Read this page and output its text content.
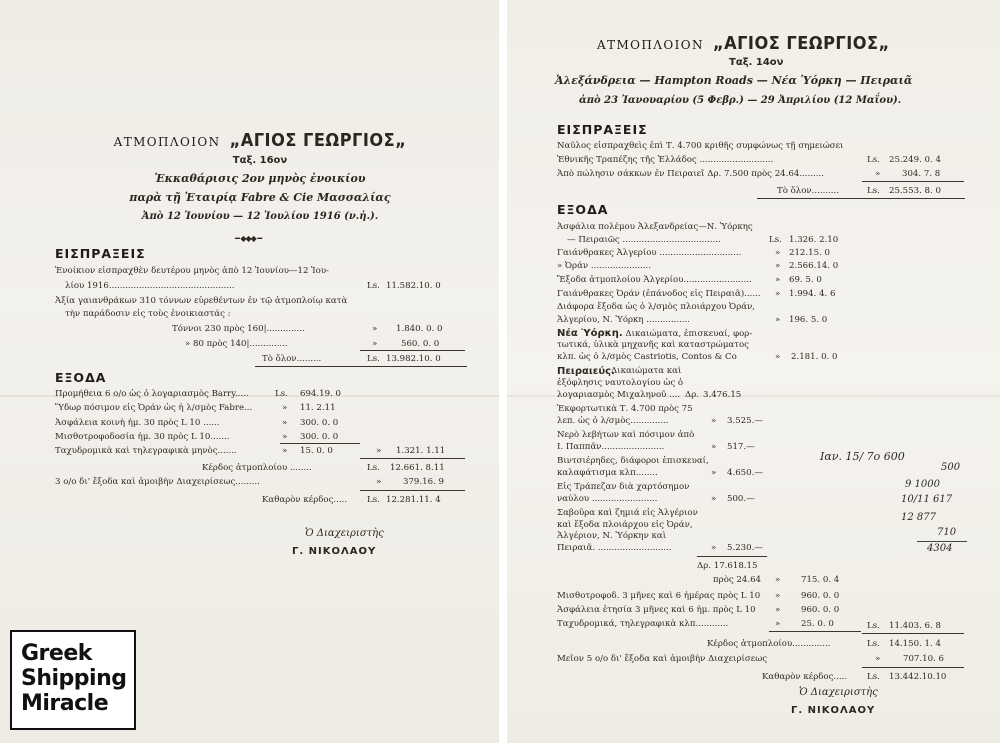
ΑΤΜΟΠΛΟΙΟΝ „ΑΓΙΟΣ ΓΕΩΡΓΙΟΣ„
Ταξ. 16ον
Ἐκκαθάρισις 2ον μηνὸς ἐνοικίου
παρὰ τῇ Ἑταιρίᾳ Fabre & Cie Μασσαλίας
Ἀπὸ 12 Ἰουνίου — 12 Ἰουλίου 1916 (ν.ἡ.).
━ ◆◆◆ ━
ΕΙΣΠΡΑΞΕΙΣ
Ἐνοίκιον εἰσπραχθὲν δευτέρου μηνὸς ἀπὸ 12 Ἰουνίου—12 Ἰου-
λίου 1916..............................................	Ls. 11.582.10. 0
Ἀξία γαιανθράκων 310 τόννων εὑρεθέντων ἐν τῷ ἀτμοπλοίῳ κατὰ
τὴν παράδοσιν εἰς τοὺς ἐνοικιαστάς :
Τόννοι 230 πρὸς 160|..............	» 1.840. 0. 0
» 80 πρὸς 140|..............	»	560. 0. 0
Τὸ ὅλον.........	Ls. 13.982.10. 0
ΕΞΟΔΑ
Προμήθεια 6 ο/ο ὡς ὁ λογαριασμὸς Barry.....	Ls. 694.19. 0
Ὕδωρ πόσιμον εἰς Ὀράν ὡς ἡ λ/σμὸς Fabre...	» 11. 2.11
Ἀσφάλεια κοινὴ ἡμ. 30 πρὸς L 10 ......	» 300. 0. 0
Μισθοτροφοδοσία ἡμ. 30 πρὸς L 10.......	» 300. 0. 0
Ταχυδρομικὰ καὶ τηλεγραφικὰ μηνὸς.......	» 15. 0. 0	» 1.321. 1.11
Κέρδος ἀτμοπλοίου ........	Ls. 12.661. 8.11
3 ο/ο δι' ἔξοδα καὶ ἀμοιβὴν Διαχειρίσεως.........	»	379.16. 9
Καθαρὸν κέρδος..... Ls. 12.281.11. 4
Ὁ Διαχειριστὴς
Γ. ΝΙΚΟΛΑΟΥ
ΑΤΜΟΠΛΟΙΟΝ „ΑΓΙΟΣ ΓΕΩΡΓΙΟΣ„
Ταξ. 14ον
Ἀλεξάνδρεια — Hampton Roads — Νέα Ὑόρκη — Πειραιᾶ
ἀπὸ 23 Ἰανουαρίου (5 Φεβρ.) — 29 Ἀπριλίου (12 Μαΐου).
ΕΙΣΠΡΑΞΕΙΣ
Ναῦλος εἰσπραχθεὶς ἐπὶ Τ. 4.700 κριθῆς συμφώνως τῇ σημειώσει
Ἐθνικῆς Τραπέζης τῆς Ἑλλάδος ...........................	Ls. 25.249. 0. 4
Ἀπὸ πώλησιν σάκκων ἐν Πειραιεῖ Δρ. 7.500 πρὸς 24.64.........	»	304. 7. 8
Τὸ ὅλον..........	Ls. 25.553. 8. 0
ΕΞΟΔΑ
Ἀσφάλια πολέμου Ἀλεξανδρείας—Ν. Ὑόρκης
— Πειραιῶς ....................................	Ls. 1.326. 2.10
Γαιάνθρακες Ἀλγερίου ..............................	» 212.15. 0
» Ὀράν ......................	» 2.566.14. 0
Ἔξοδα ἀτμοπλοίου Ἀλγερίου.........................	» 69. 5. 0
Γαιάνθρακες Ὀράν (ἐπάνοδος εἰς Πειραιᾶ)...... » 1.994. 4. 6
Διάφορα ἔξοδα ὡς ὁ λ/σμὸς πλοιάρχου Ὀράν,
Ἀλγερίου, Ν. Ὑόρκη ................	» 196. 5. 0
Νέα Ὑόρκη. Δικαιώματα, ἐπισκευαί, φορ-
τωτικά, ὑλικὰ μηχανῆς καὶ καταστρώματος
κλπ. ὡς ὁ λ/σμὸς Castriotis, Contos & Co	» 2.181. 0. 0
Πειραιεύς.
Δικαιώματα καὶ
ἐξόφλησις ναυτολογίου ὡς ὁ
λογαριασμὸς Μιχαληνοῦ .... Δρ. 3.476.15
Ἐκφορτωτικὰ Τ. 4.700 πρὸς 75
λεπ. ὡς ὁ λ/σμὸς..............	» 3.525.—
Νερὸ λεβήτων καὶ πόσιμον ἀπὸ
Ι. Παππᾶν.......................	» 517.—
Βιντσιέρηδες, διάφοροι ἐπισκευαί,
καλαφάτισμα κλπ........	» 4.650.—
Εἰς Τράπεζαν διὰ χαρτόσημον
ναύλου ........................	» 500.—
Σαβοῦρα καὶ ζημιά εἰς Ἀλγέριον
καὶ ἔξοδα πλοιάρχου εἰς Ὀράν,
Ἀλγέριον, Ν. Ὑόρκην καὶ
Πειραιᾶ. ...........................	» 5.230.—
Δρ. 17.618.15
πρὸς 24.64 » 715. 0. 4
Μισθοτροφοδ. 3 μῆνες καὶ 6 ἡμέρας πρὸς L 10 » 960. 0. 0
Ἀσφάλεια ἐτησία 3 μῆνες καὶ 6 ἡμ. πρὸς L 10 » 960. 0. 0
Ταχυδρομικά, τηλεγραφικὰ κλπ............	» 25. 0. 0	Ls. 11.403. 6. 8
Κέρδος ἀτμοπλοίου..............	Ls. 14.150. 1. 4
Μεῖον 5 ο/ο δι' ἔξοδα καὶ ἀμοιβὴν Διαχειρίσεως	»	707.10. 6
Καθαρὸν κέρδος..... Ls. 13.442.10.10
Ὁ Διαχειριστὴς
Γ. ΝΙΚΟΛΑΟΥ
Ιαν. 15/ 7ο 600
500
9 1000
10/11 617
12 877
710
4304
Greek
Shipping
Miracle
